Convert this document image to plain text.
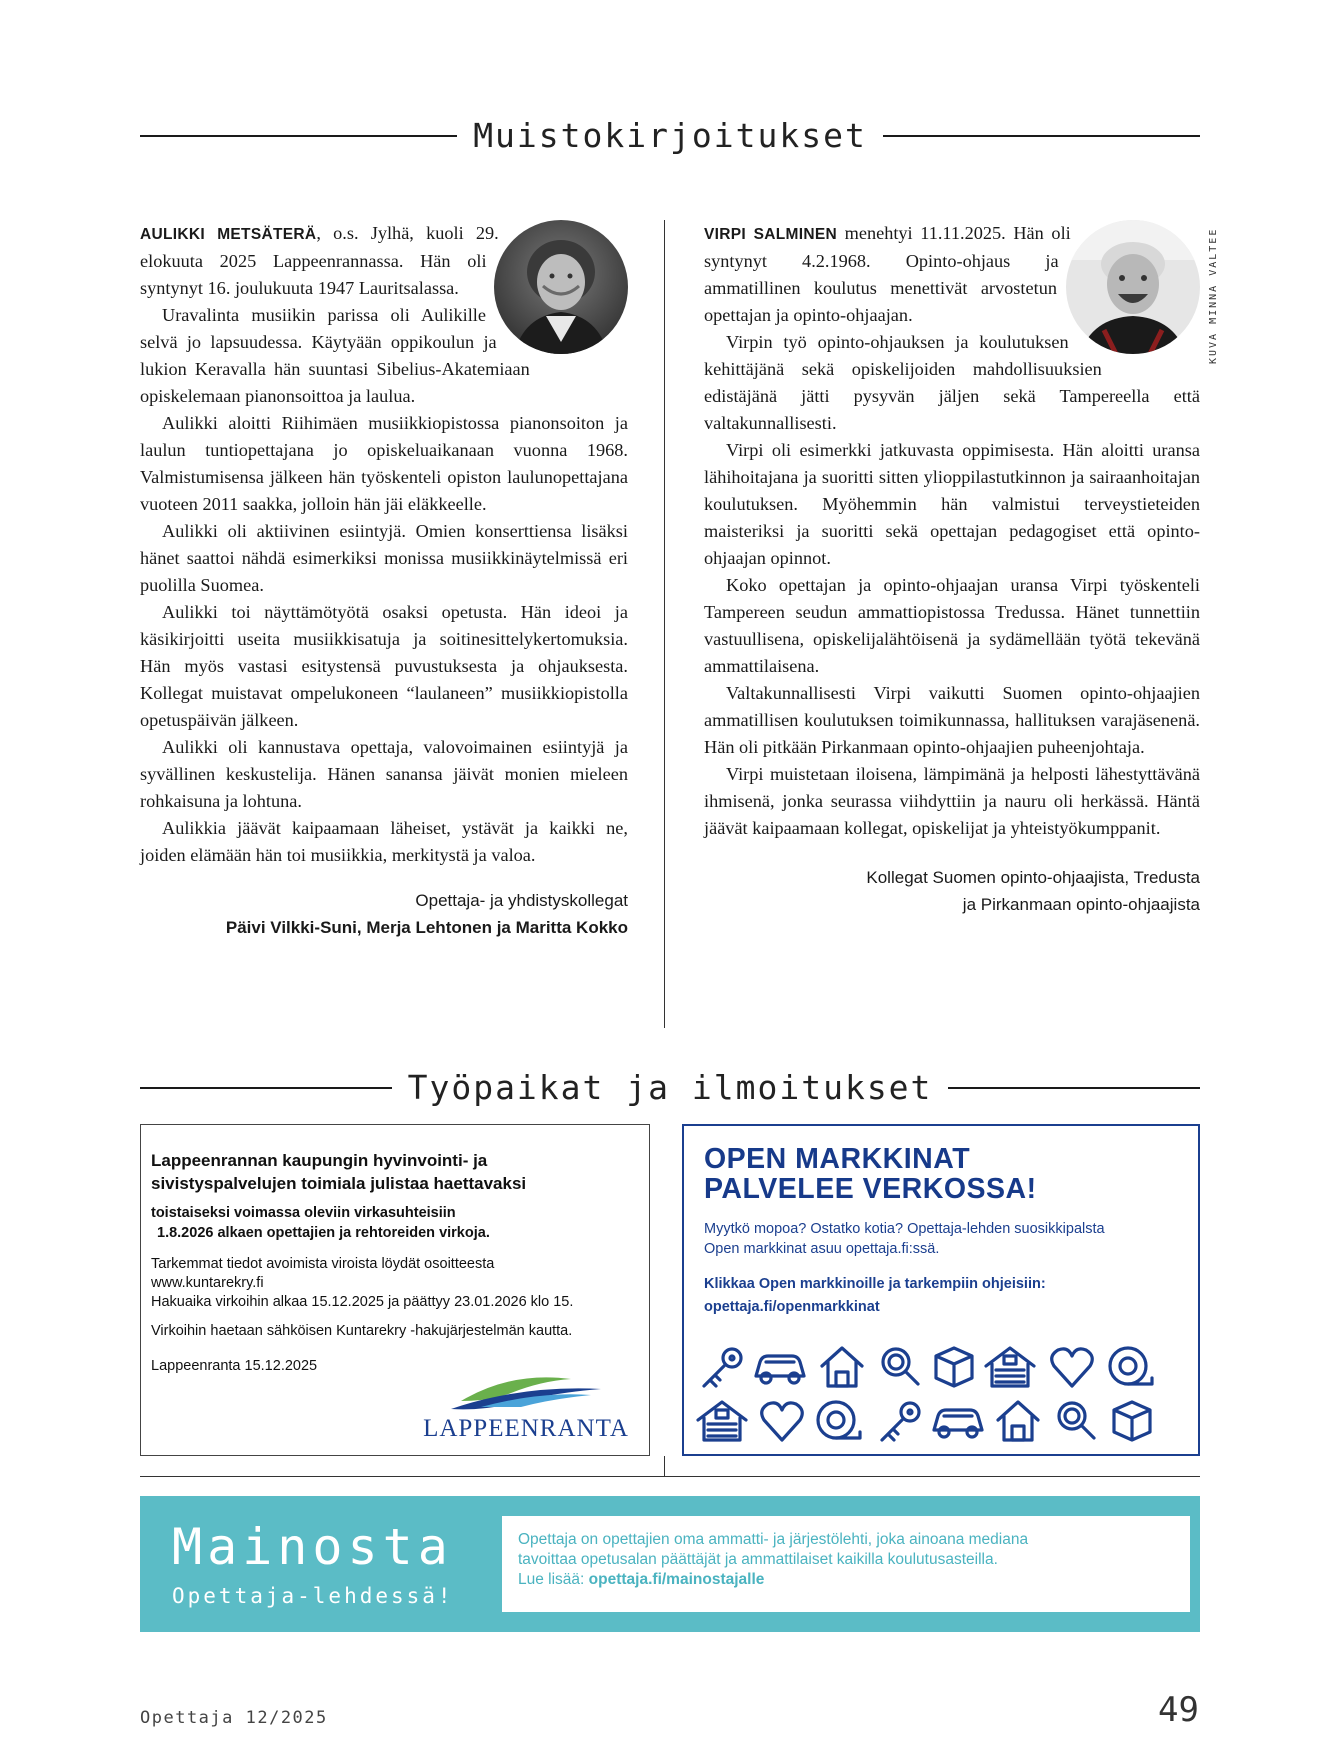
Muistokirjoitukset

AULIKKI METSÄTERÄ, o.s. Jylhä, kuoli 29. elokuuta 2025 Lappeenrannassa. Hän oli syntynyt 16. joulukuuta 1947 Lauritsalassa.

Uravalinta musiikin parissa oli Aulikille selvä jo lapsuudessa. Käytyään oppikoulun ja lukion Keravalla hän suuntasi Sibelius-Akatemiaan opiskelemaan pianonsoittoa ja laulua.

Aulikki aloitti Riihimäen musiikkiopistossa pianonsoiton ja laulun tuntiopettajana jo opiskeluaikanaan vuonna 1968. Valmistumisensa jälkeen hän työskenteli opiston laulunopettajana vuoteen 2011 saakka, jolloin hän jäi eläkkeelle.

Aulikki oli aktiivinen esiintyjä. Omien konserttiensa lisäksi hänet saattoi nähdä esimerkiksi monissa musiikkinäytelmissä eri puolilla Suomea.

Aulikki toi näyttämötyötä osaksi opetusta. Hän ideoi ja käsikirjoitti useita musiikkisatuja ja soitinesittelykertomuksia. Hän myös vastasi esitystensä puvustuksesta ja ohjauksesta. Kollegat muistavat ompelukoneen “laulaneen” musiikkiopistolla opetuspäivän jälkeen.

Aulikki oli kannustava opettaja, valovoimainen esiintyjä ja syvällinen keskustelija. Hänen sanansa jäivät monien mieleen rohkaisuna ja lohtuna.

Aulikkia jäävät kaipaamaan läheiset, ystävät ja kaikki ne, joiden elämään hän toi musiikkia, merkitystä ja valoa.

Opettaja- ja yhdistyskollegat
Päivi Vilkki-Suni, Merja Lehtonen ja Maritta Kokko

VIRPI SALMINEN menehtyi 11.11.2025. Hän oli syntynyt 4.2.1968. Opinto-ohjaus ja ammatillinen koulutus menettivät arvostetun opettajan ja opinto-ohjaajan.

Virpin työ opinto-ohjauksen ja koulutuksen kehittäjänä sekä opiskelijoiden mahdollisuuksien edistäjänä jätti pysyvän jäljen sekä Tampereella että valtakunnallisesti.

Virpi oli esimerkki jatkuvasta oppimisesta. Hän aloitti uransa lähihoitajana ja suoritti sitten ylioppilastutkinnon ja sairaanhoitajan koulutuksen. Myöhemmin hän valmistui terveystieteiden maisteriksi ja suoritti sekä opettajan pedagogiset että opinto-ohjaajan opinnot.

Koko opettajan ja opinto-ohjaajan uransa Virpi työskenteli Tampereen seudun ammattiopistossa Tredussa. Hänet tunnettiin vastuullisena, opiskelijalähtöisenä ja sydämellään työtä tekevänä ammattilaisena.

Valtakunnallisesti Virpi vaikutti Suomen opinto-ohjaajien ammatillisen koulutuksen toimikunnassa, hallituksen varajäsenenä. Hän oli pitkään Pirkanmaan opinto-ohjaajien puheenjohtaja.

Virpi muistetaan iloisena, lämpimänä ja helposti lähestyttävänä ihmisenä, jonka seurassa viihdyttiin ja nauru oli herkässä. Häntä jäävät kaipaamaan kollegat, opiskelijat ja yhteistyökumppanit.

Kollegat Suomen opinto-ohjaajista, Tredusta
ja Pirkanmaan opinto-ohjaajista
KUVA MINNA VALTEE
Työpaikat ja ilmoitukset
Lappeenrannan kaupungin hyvinvointi- ja sivistyspalvelujen toimiala julistaa haettavaksi
toistaiseksi voimassa oleviin virkasuhteisiin
1.8.2026 alkaen opettajien ja rehtoreiden virkoja.
Tarkemmat tiedot avoimista viroista löydät osoitteesta
www.kuntarekry.fi
Hakuaika virkoihin alkaa 15.12.2025 ja päättyy 23.01.2026 klo 15.
Virkoihin haetaan sähköisen Kuntarekry -hakujärjestelmän kautta.
Lappeenranta 15.12.2025
LAPPEENRANTA
OPEN MARKKINAT
PALVELEE VERKOSSA!
Myytkö mopoa? Ostatko kotia? Opettaja-lehden suosikkipalsta
Open markkinat asuu opettaja.fi:ssä.
Klikkaa Open markkinoille ja tarkempiin ohjeisiin:
opettaja.fi/openmarkkinat
Mainosta
Opettaja-lehdessä!
Opettaja on opettajien oma ammatti- ja järjestölehti, joka ainoana mediana
tavoittaa opetusalan päättäjät ja ammattilaiset kaikilla koulutusasteilla.
Lue lisää: opettaja.fi/mainostajalle
Opettaja 12/2025	49
